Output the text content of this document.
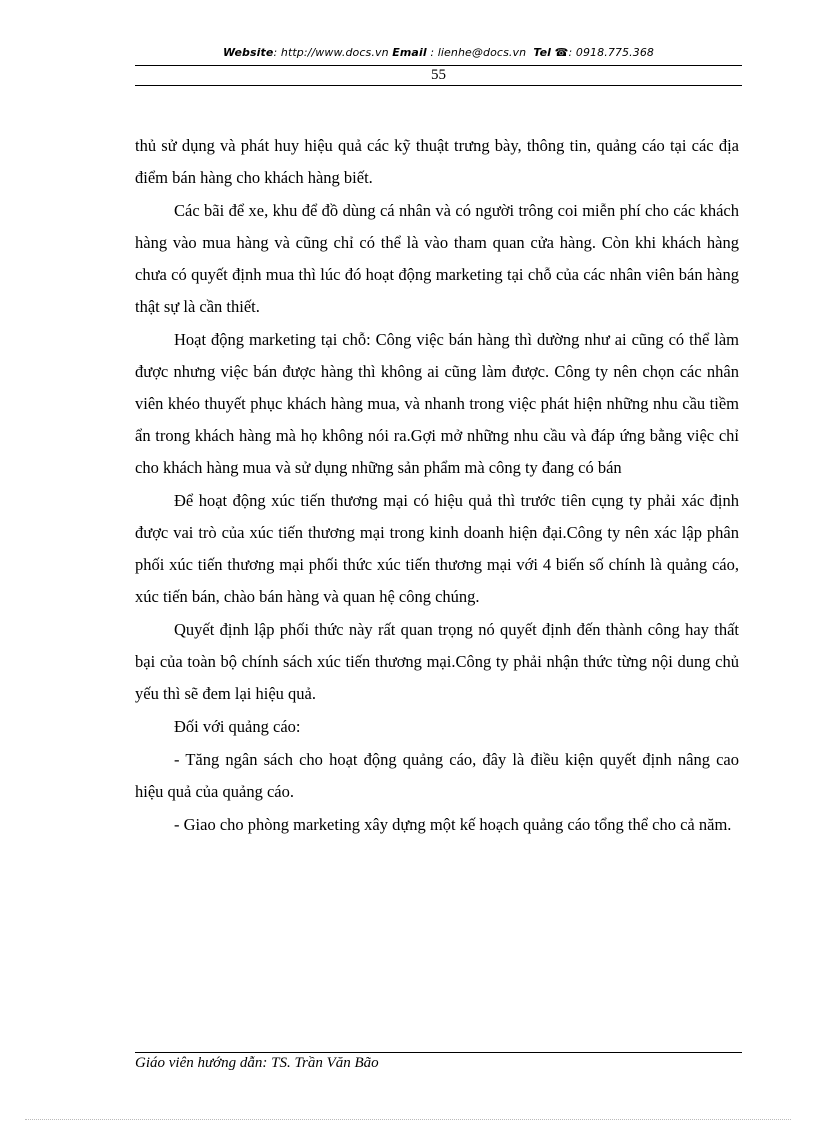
Website: http://www.docs.vn Email : lienhe@docs.vn Tel ☎: 0918.775.368
55

thủ sử dụng và phát huy hiệu quả các kỹ thuật trưng bày, thông tin, quảng cáo tại các địa điểm bán hàng cho khách hàng biết.

Các bãi để xe, khu để đồ dùng cá nhân và có người trông coi miễn phí cho các khách hàng vào mua hàng và cũng chỉ có thể là vào tham quan cửa hàng. Còn khi khách hàng chưa có quyết định mua thì lúc đó hoạt động marketing tại chỗ của các nhân viên bán hàng thật sự là cần thiết.

Hoạt động marketing tại chỗ: Công việc bán hàng thì dường như ai cũng có thể làm được nhưng việc bán được hàng thì không ai cũng làm được. Công ty nên chọn các nhân viên khéo thuyết phục khách hàng mua, và nhanh trong việc phát hiện những nhu cầu tiềm ẩn trong khách hàng mà họ không nói ra.Gợi mở những nhu cầu và đáp ứng bằng việc chỉ cho khách hàng mua và sử dụng những sản phẩm mà công ty đang có bán

Để hoạt động xúc tiến thương mại có hiệu quả thì trước tiên cụng ty phải xác định được vai trò của xúc tiến thương mại trong kinh doanh hiện đại.Công ty nên xác lập phân phối xúc tiến thương mại phối thức xúc tiến thương mại với 4 biến số chính là quảng cáo, xúc tiến bán, chào bán hàng và quan hệ công chúng.

Quyết định lập phối thức này rất quan trọng nó quyết định đến thành công hay thất bại của toàn bộ chính sách xúc tiến thương mại.Công ty phải nhận thức từng nội dung chủ yếu thì sẽ đem lại hiệu quả.

Đối với quảng cáo:

- Tăng ngân sách cho hoạt động quảng cáo, đây là điều kiện quyết định nâng cao hiệu quả của quảng cáo.

- Giao cho phòng marketing xây dựng một kế hoạch quảng cáo tổng thể cho cả năm.

Giáo viên hướng dẫn: TS. Trần Văn Bão
